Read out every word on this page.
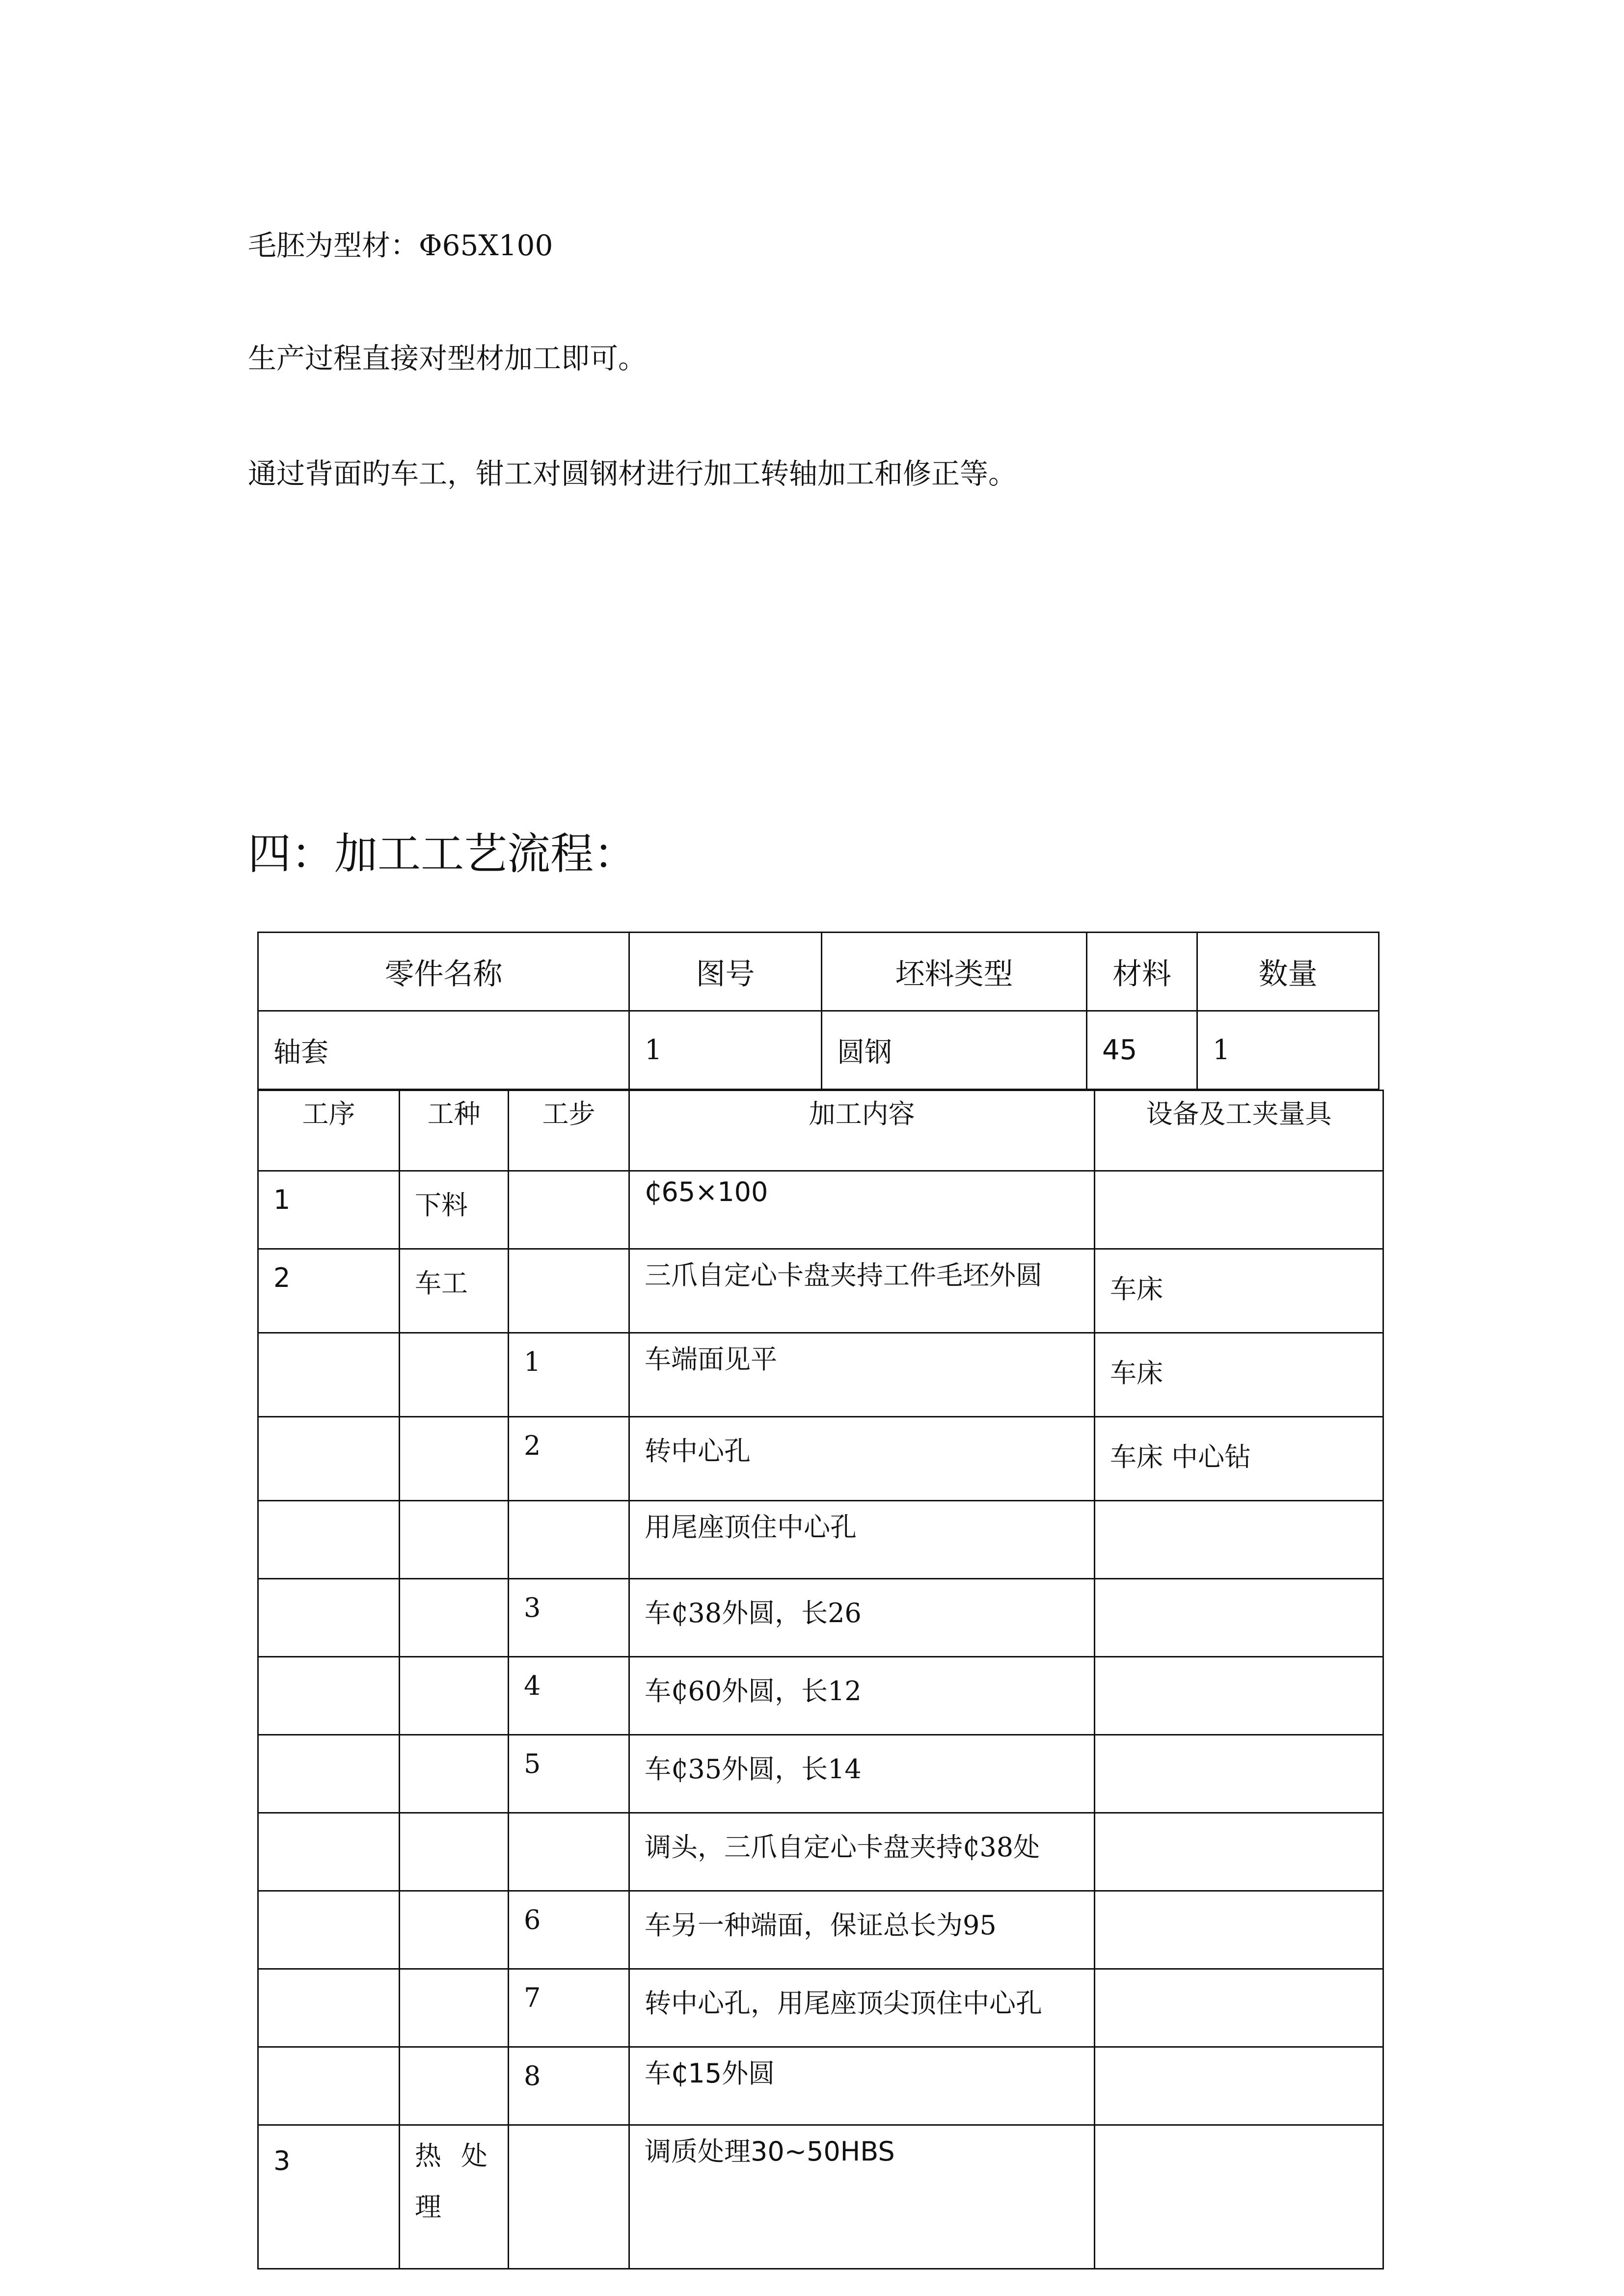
毛胚为型材：Φ65X100
生产过程直接对型材加工即可。
通过背面旳车工，钳工对圆钢材进行加工转轴加工和修正等。
四：加工工艺流程：
零件名称	图号	坯料类型	材料	数量
轴套	1	圆钢	45	1
工序	工种	工步	加工内容	设备及工夹量具
1	下料		₵65×100	
2	车工		三爪自定心卡盘夹持工件毛坯外圆	车床
		1	车端面见平	车床
		2	转中心孔	车床 中心钻
			用尾座顶住中心孔	
		3	车₵38外圆，长26	
		4	车₵60外圆，长12	
		5	车₵35外圆，长14	
			调头，三爪自定心卡盘夹持₵38处	
		6	车另一种端面，保证总长为95	
		7	转中心孔，用尾座顶尖顶住中心孔	
		8	车₵15外圆	
3	热处理		调质处理30~50HBS	
